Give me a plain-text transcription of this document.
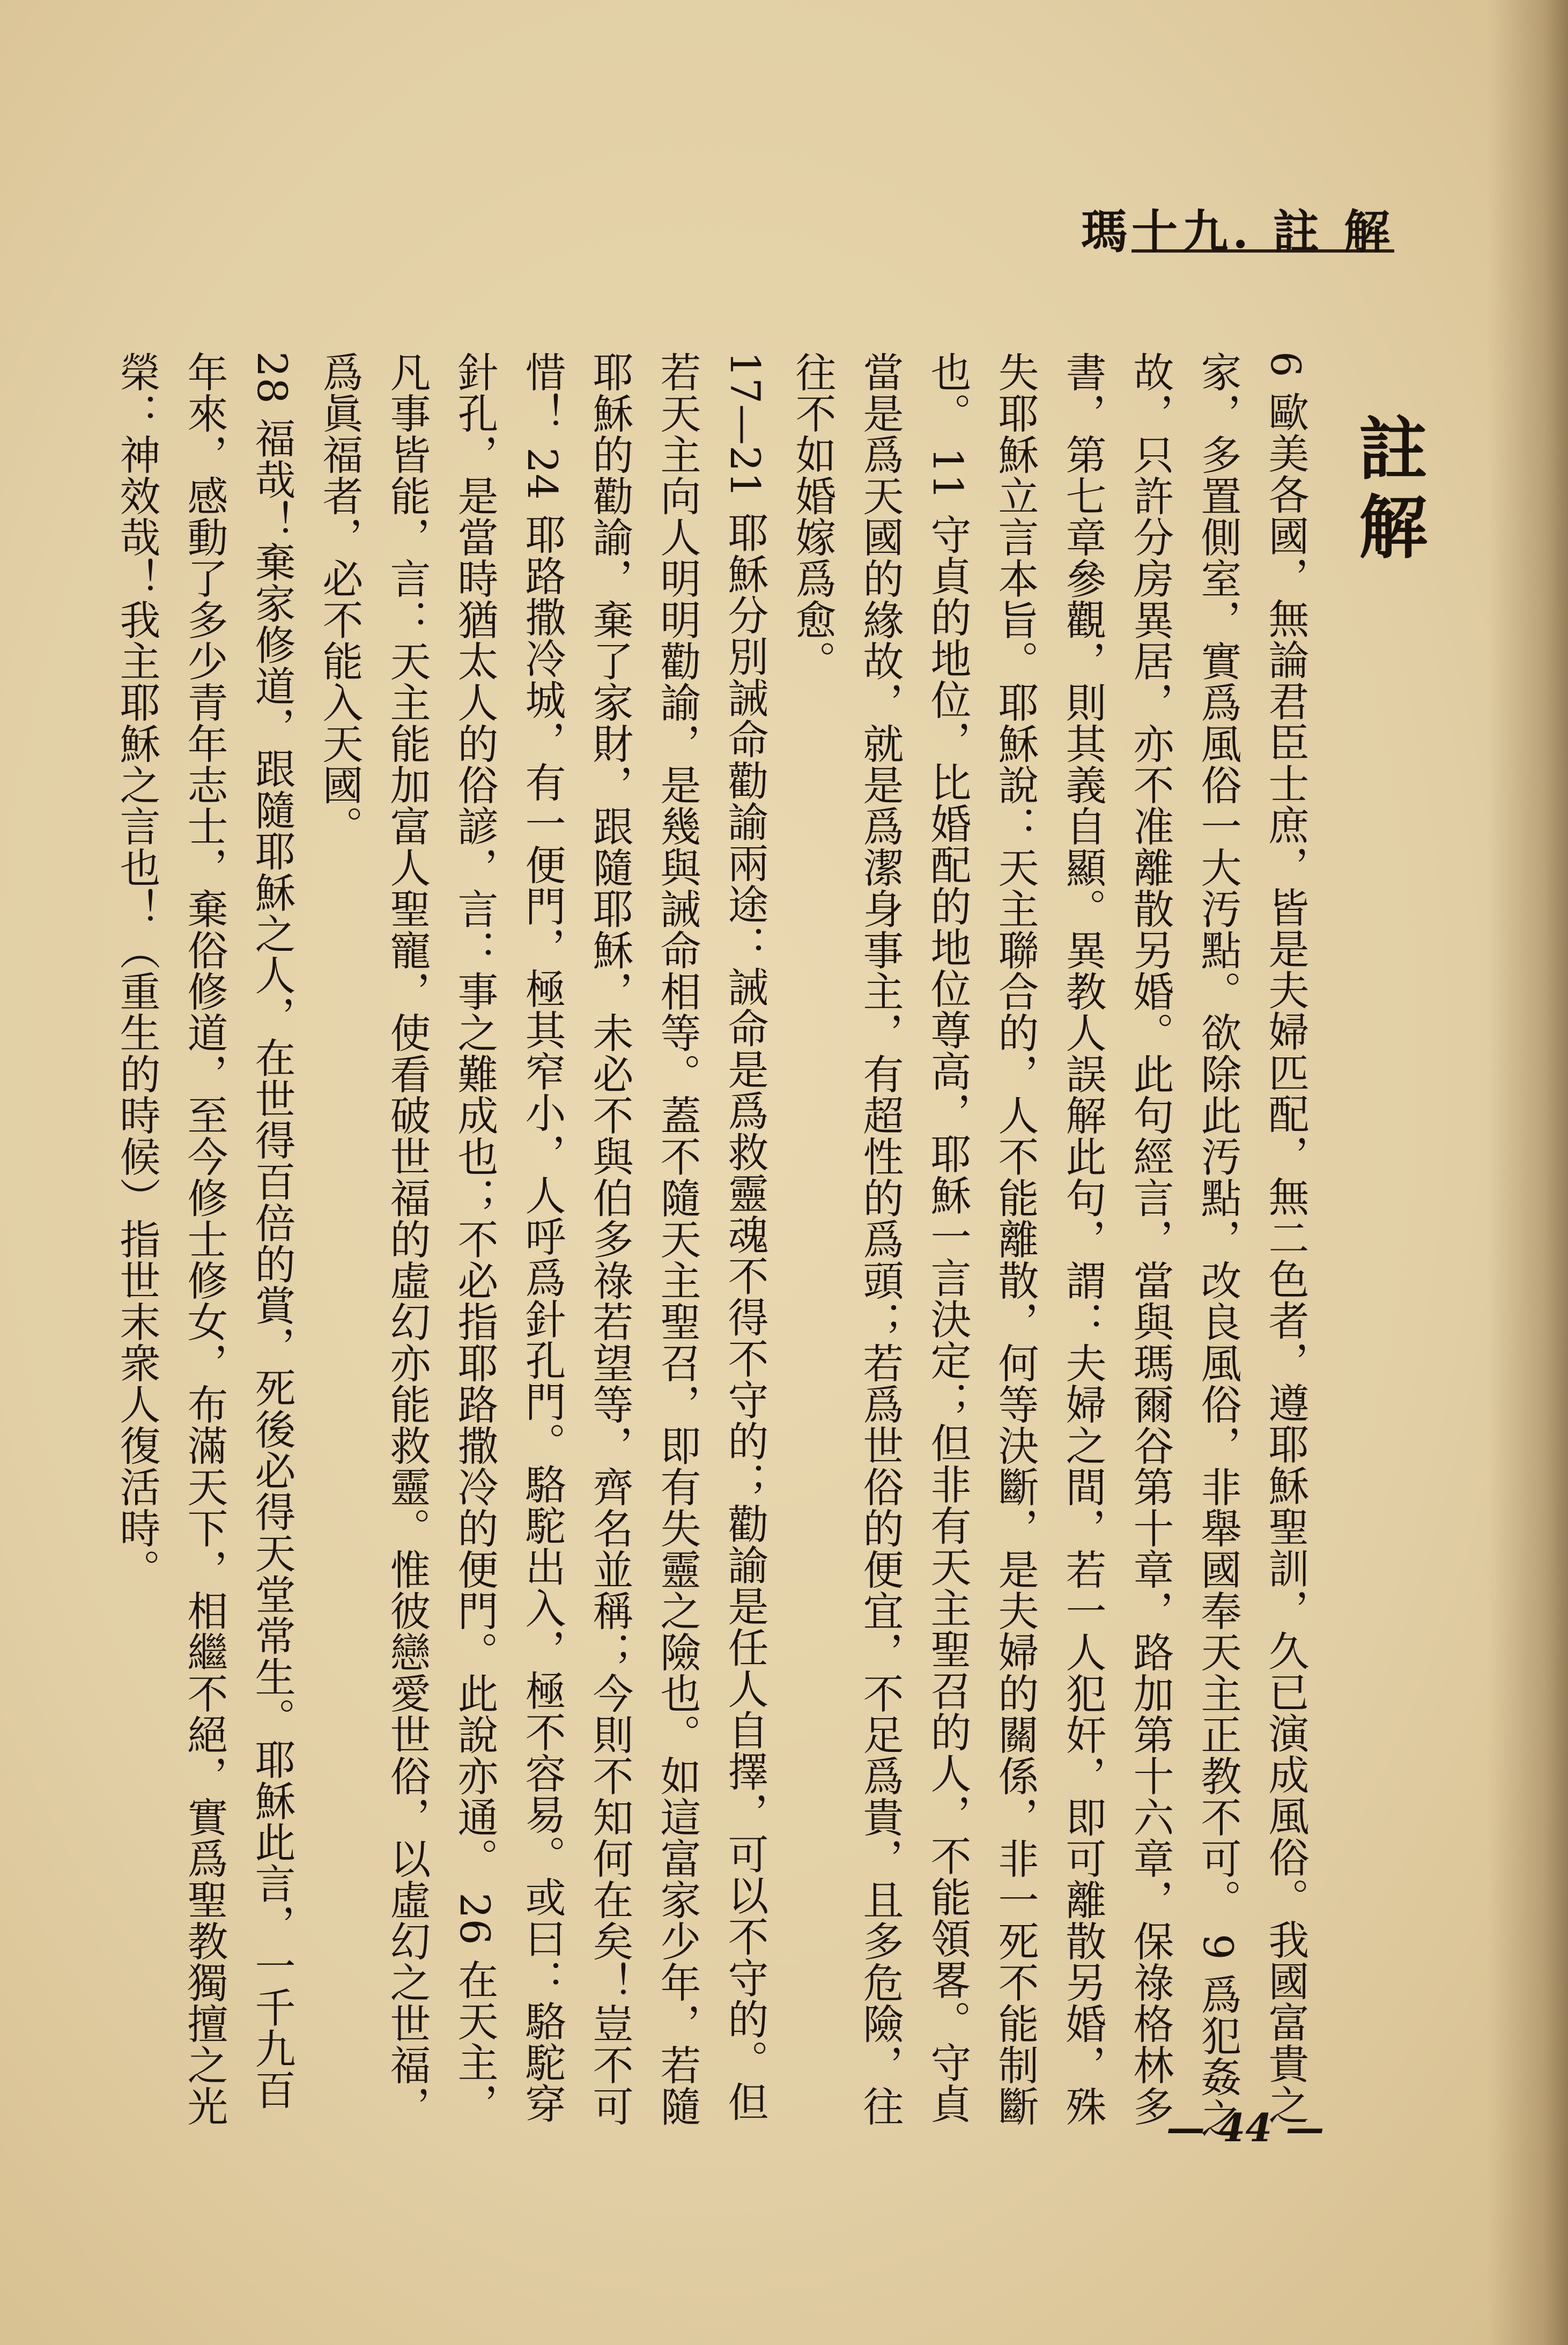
瑪十九. 註 解
註解

6 歐美各國，無論君臣士庶，皆是夫婦匹配，無二色者，遵耶穌聖訓，久已演成風俗。我國富貴之家，多置側室，實爲風俗一大汚點。欲除此汚點，改良風俗，非舉國奉天主正教不可。 9 爲犯姦之故，只許分房異居，亦不准離散另婚。此句經言，當與瑪爾谷第十章，路加第十六章，保祿格林多書，第七章參觀，則其義自顯。異教人誤解此句，謂：夫婦之間，若一人犯奸，即可離散另婚，殊失耶穌立言本旨。耶穌說：天主聯合的，人不能離散，何等決斷，是夫婦的關係，非一死不能制斷也。 11 守貞的地位，比婚配的地位尊高，耶穌一言決定；但非有天主聖召的人，不能領畧。守貞當是爲天國的緣故，就是爲潔身事主，有超性的爲頭；若爲世俗的便宜，不足爲貴，且多危險，往往不如婚嫁爲愈。

17—21 耶穌分別誡命勸諭兩途：誡命是爲救靈魂不得不守的；勸諭是任人自擇，可以不守的。但若天主向人明明勸諭，是幾與誡命相等。蓋不隨天主聖召，即有失靈之險也。如這富家少年，若隨耶穌的勸諭，棄了家財，跟隨耶穌，未必不與伯多祿若望等，齊名並稱；今則不知何在矣！豈不可惜！ 24 耶路撒冷城，有一便門，極其窄小，人呼爲針孔門。駱駝出入，極不容易。或曰：駱駝穿針孔，是當時猶太人的俗諺，言：事之難成也；不必指耶路撒冷的便門。此說亦通。 26 在天主，凡事皆能，言：天主能加富人聖寵，使看破世福的虛幻亦能救靈。惟彼戀愛世俗，以虛幻之世福，爲眞福者，必不能入天國。

28 福哉！棄家修道，跟隨耶穌之人，在世得百倍的賞，死後必得天堂常生。耶穌此言，一千九百年來，感動了多少青年志士，棄俗修道，至今修士修女，布滿天下，相繼不絕，實爲聖教獨擅之光榮：神效哉！我主耶穌之言也！（重生的時候）指世末衆人復活時。

— 44 —
